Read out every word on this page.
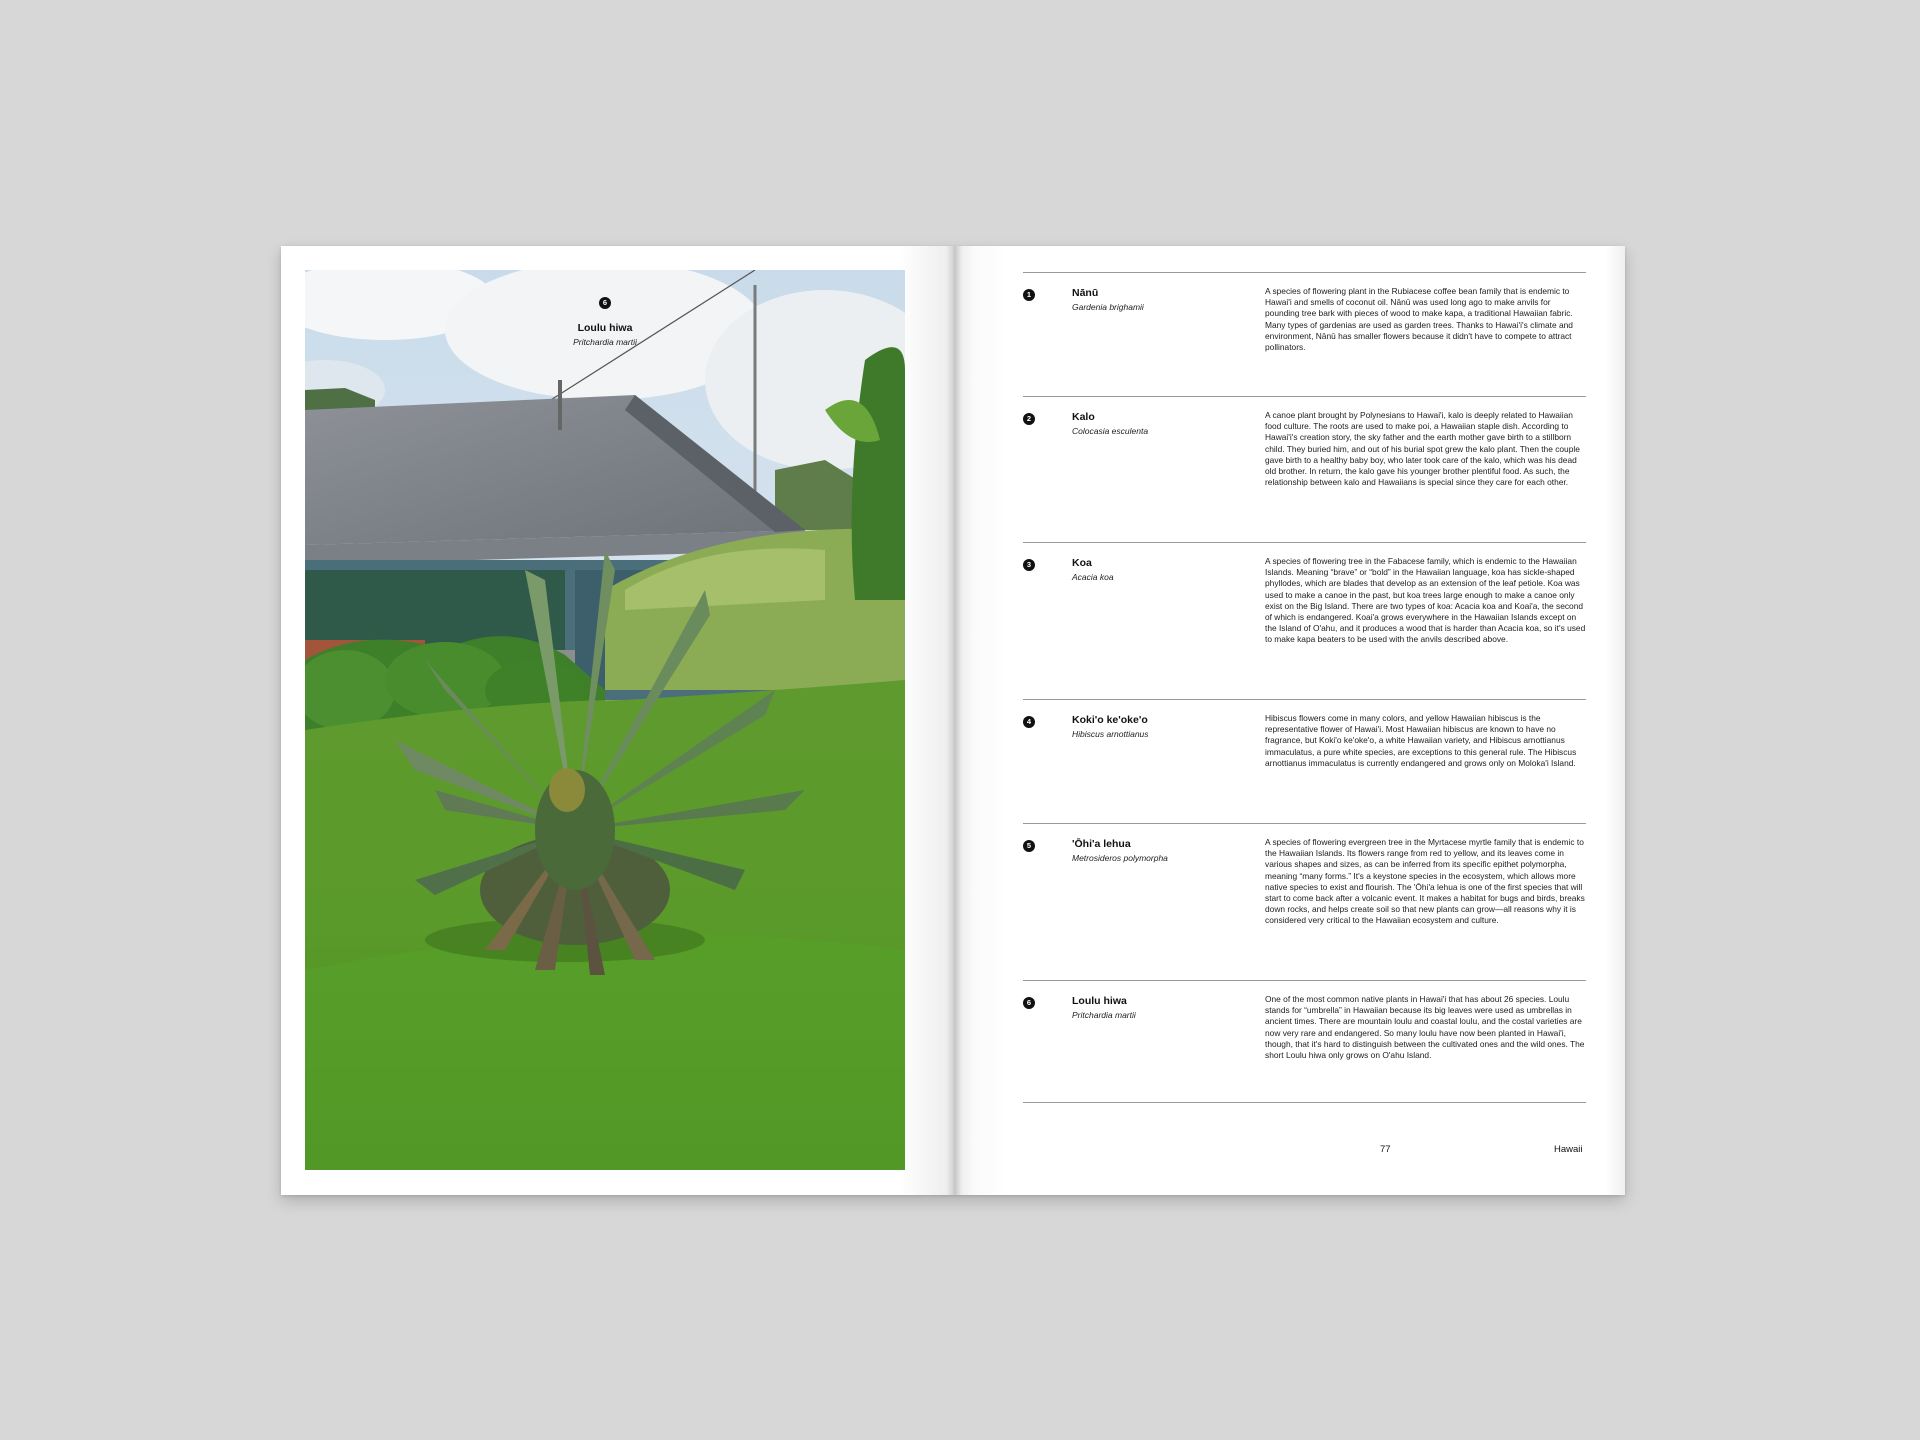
6
Loulu hiwa
Pritchardia martii
1	Nānū
Gardenia brighamii
A species of flowering plant in the Rubiacese coffee bean family that is endemic to Hawai'i and smells of coconut oil. Nānū was used long ago to make anvils for pounding tree bark with pieces of wood to make kapa, a traditional Hawaiian fabric. Many types of gardenias are used as garden trees. Thanks to Hawai'i's climate and environment, Nānū has smaller flowers because it didn't have to compete to attract pollinators.
2	Kalo
Colocasia esculenta
A canoe plant brought by Polynesians to Hawai'i, kalo is deeply related to Hawaiian food culture. The roots are used to make poi, a Hawaiian staple dish. According to Hawai'i's creation story, the sky father and the earth mother gave birth to a stillborn child. They buried him, and out of his burial spot grew the kalo plant. Then the couple gave birth to a healthy baby boy, who later took care of the kalo, which was his dead old brother. In return, the kalo gave his younger brother plentiful food. As such, the relationship between kalo and Hawaiians is special since they care for each other.
3	Koa
Acacia koa
A species of flowering tree in the Fabacese family, which is endemic to the Hawaiian Islands. Meaning “brave” or “bold” in the Hawaiian language, koa has sickle-shaped phyllodes, which are blades that develop as an extension of the leaf petiole. Koa was used to make a canoe in the past, but koa trees large enough to make a canoe only exist on the Big Island. There are two types of koa: Acacia koa and Koai'a, the second of which is endangered. Koai'a grows everywhere in the Hawaiian Islands except on the Island of O'ahu, and it produces a wood that is harder than Acacia koa, so it's used to make kapa beaters to be used with the anvils described above.
4	Koki'o ke'oke'o
Hibiscus arnottianus
Hibiscus flowers come in many colors, and yellow Hawaiian hibiscus is the representative flower of Hawai'i. Most Hawaiian hibiscus are known to have no fragrance, but Koki'o ke'oke'o, a white Hawaiian variety, and Hibiscus arnottianus immaculatus, a pure white species, are exceptions to this general rule. The Hibiscus arnottianus immaculatus is currently endangered and grows only on Moloka'i Island.
5	'Ōhi'a lehua
Metrosideros polymorpha
A species of flowering evergreen tree in the Myrtacese myrtle family that is endemic to the Hawaiian Islands. Its flowers range from red to yellow, and its leaves come in various shapes and sizes, as can be inferred from its specific epithet polymorpha, meaning “many forms.” It's a keystone species in the ecosystem, which allows more native species to exist and flourish. The 'Ōhi'a lehua is one of the first species that will start to come back after a volcanic event. It makes a habitat for bugs and birds, breaks down rocks, and helps create soil so that new plants can grow—all reasons why it is considered very critical to the Hawaiian ecosystem and culture.
6	Loulu hiwa
Pritchardia martii
One of the most common native plants in Hawai'i that has about 26 species. Loulu stands for “umbrella” in Hawaiian because its big leaves were used as umbrellas in ancient times. There are mountain loulu and coastal loulu, and the costal varieties are now very rare and endangered. So many loulu have now been planted in Hawai'i, though, that it's hard to distinguish between the cultivated ones and the wild ones. The short Loulu hiwa only grows on O'ahu Island.
77	Hawaii
